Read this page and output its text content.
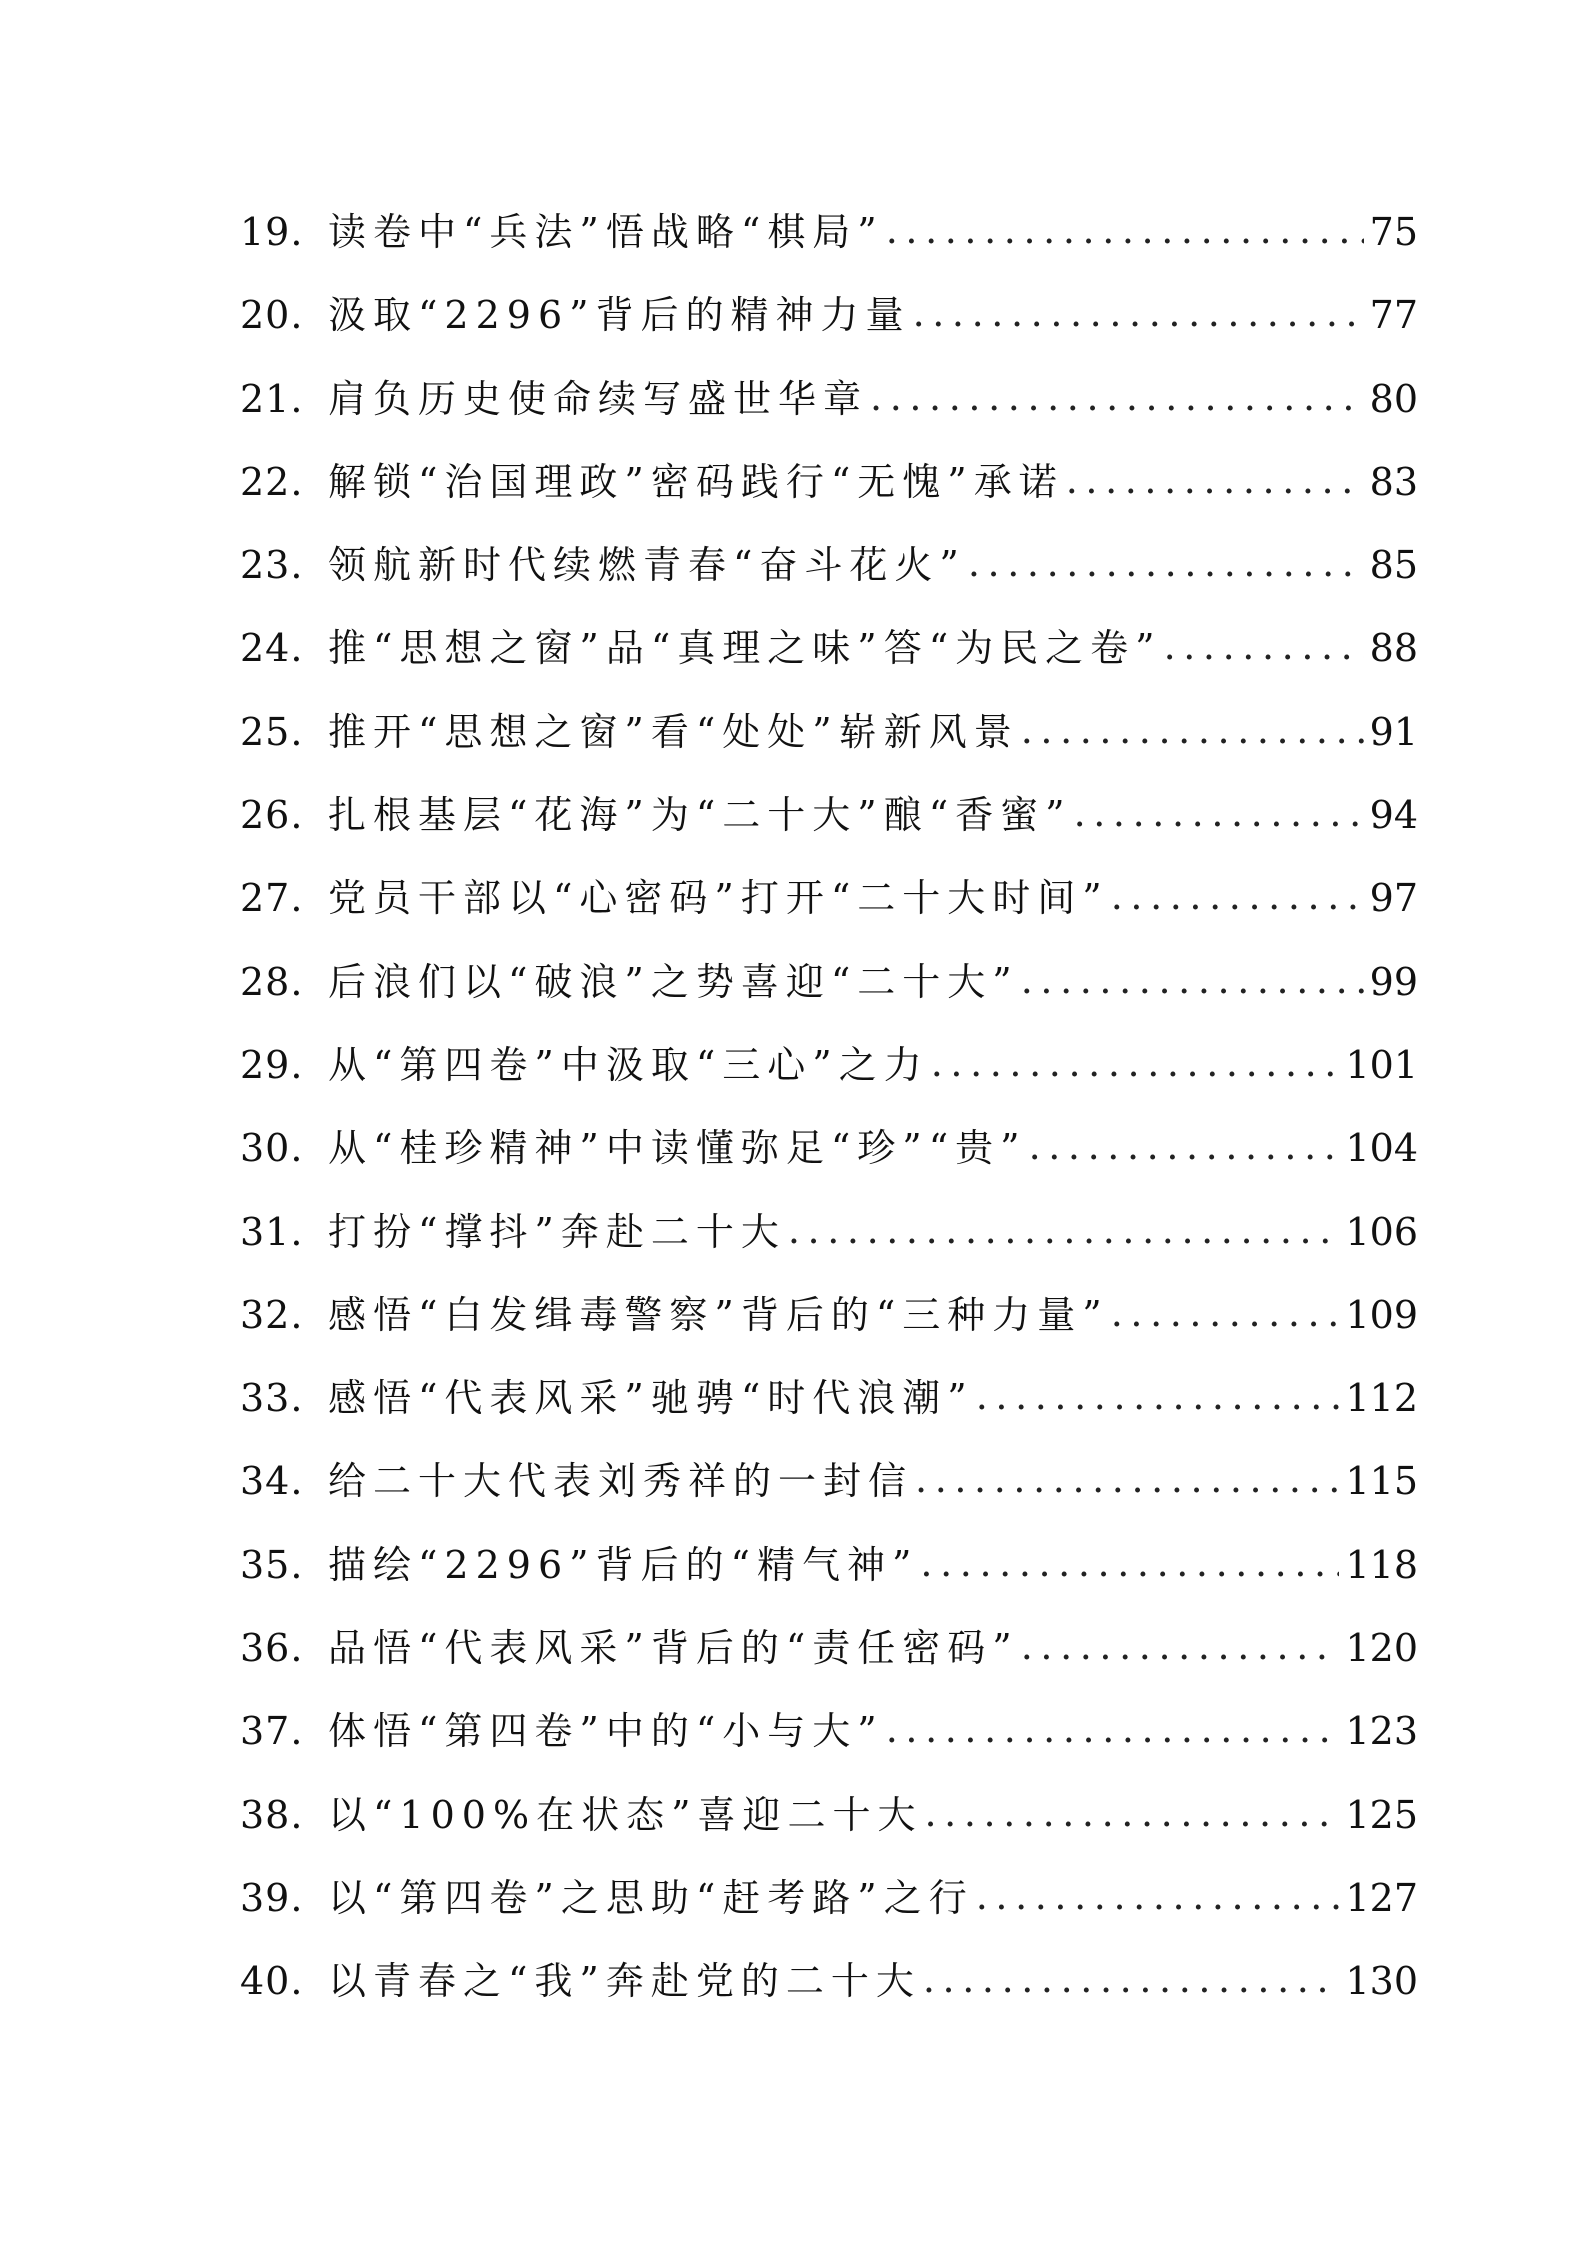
19. 读卷中“兵法”悟战略“棋局” .....	75
20. 汲取“2296”背后的精神力量 .....	77
21. 肩负历史使命续写盛世华章 .....	80
22. 解锁“治国理政”密码践行“无愧”承诺 .....	83
23. 领航新时代续燃青春“奋斗花火” .....	85
24. 推“思想之窗”品“真理之味”答“为民之卷” .....	88
25. 推开“思想之窗”看“处处”崭新风景 .....	91
26. 扎根基层“花海”为“二十大”酿“香蜜” .....	94
27. 党员干部以“心密码”打开“二十大时间” .....	97
28. 后浪们以“破浪”之势喜迎“二十大” .....	99
29. 从“第四卷”中汲取“三心”之力 .....	101
30. 从“桂珍精神”中读懂弥足“珍”“贵” .....	104
31. 打扮“撑抖”奔赴二十大 .....	106
32. 感悟“白发缉毒警察”背后的“三种力量” .....	109
33. 感悟“代表风采”驰骋“时代浪潮” .....	112
34. 给二十大代表刘秀祥的一封信 .....	115
35. 描绘“2296”背后的“精气神” .....	118
36. 品悟“代表风采”背后的“责任密码” .....	120
37. 体悟“第四卷”中的“小与大” .....	123
38. 以“100%在状态”喜迎二十大 .....	125
39. 以“第四卷”之思助“赶考路”之行 .....	127
40. 以青春之“我”奔赴党的二十大 .....	130
